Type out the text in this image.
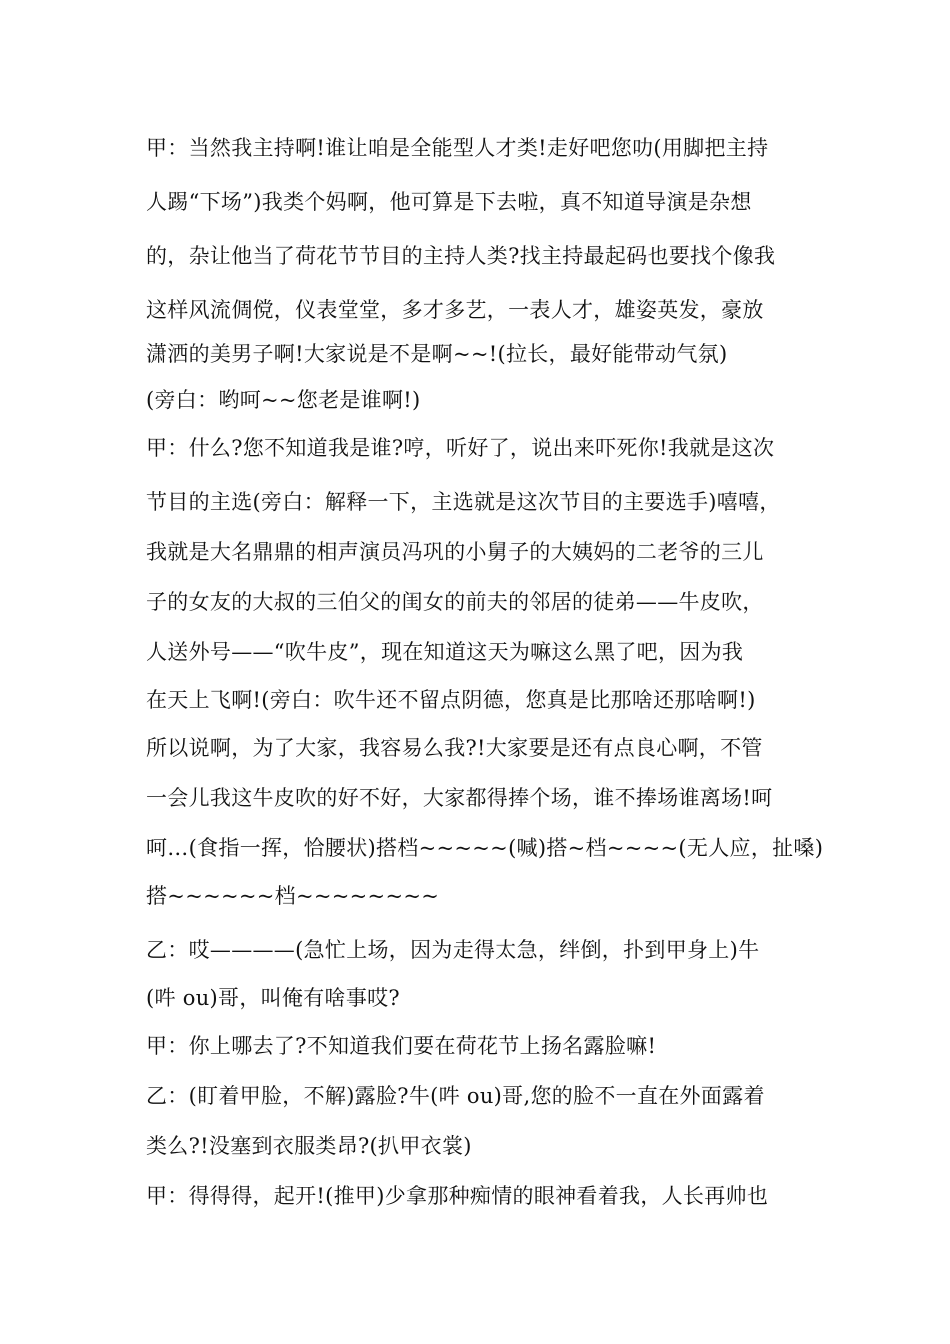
甲：当然我主持啊!谁让咱是全能型人才类!走好吧您叻(用脚把主持
人踢“下场”)我类个妈啊，他可算是下去啦，真不知道导演是杂想
的，杂让他当了荷花节节目的主持人类?找主持最起码也要找个像我
这样风流倜傥，仪表堂堂，多才多艺，一表人才，雄姿英发，豪放
潇洒的美男子啊!大家说是不是啊~~!(拉长，最好能带动气氛)
(旁白：哟呵~~您老是谁啊!)
甲：什么?您不知道我是谁?哼，听好了，说出来吓死你!我就是这次
节目的主选(旁白：解释一下，主选就是这次节目的主要选手)嘻嘻，
我就是大名鼎鼎的相声演员冯巩的小舅子的大姨妈的二老爷的三儿
子的女友的大叔的三伯父的闺女的前夫的邻居的徒弟——牛皮吹，
人送外号——“吹牛皮”，现在知道这天为嘛这么黑了吧，因为我
在天上飞啊!(旁白：吹牛还不留点阴德，您真是比那啥还那啥啊!)
所以说啊，为了大家，我容易么我?!大家要是还有点良心啊，不管
一会儿我这牛皮吹的好不好，大家都得捧个场，谁不捧场谁离场!呵
呵…(食指一挥，恰腰状)搭档~~~~~(喊)搭~档~~~~(无人应，扯嗓)
搭~~~~~~档~~~~~~~~
乙：哎————(急忙上场，因为走得太急，绊倒，扑到甲身上)牛
(吽 ou)哥，叫俺有啥事哎?
甲：你上哪去了?不知道我们要在荷花节上扬名露脸嘛!
乙：(盯着甲脸，不解)露脸?牛(吽 ou)哥,您的脸不一直在外面露着
类么?!没塞到衣服类昂?(扒甲衣裳)
甲：得得得，起开!(推甲)少拿那种痴情的眼神看着我，人长再帅也
